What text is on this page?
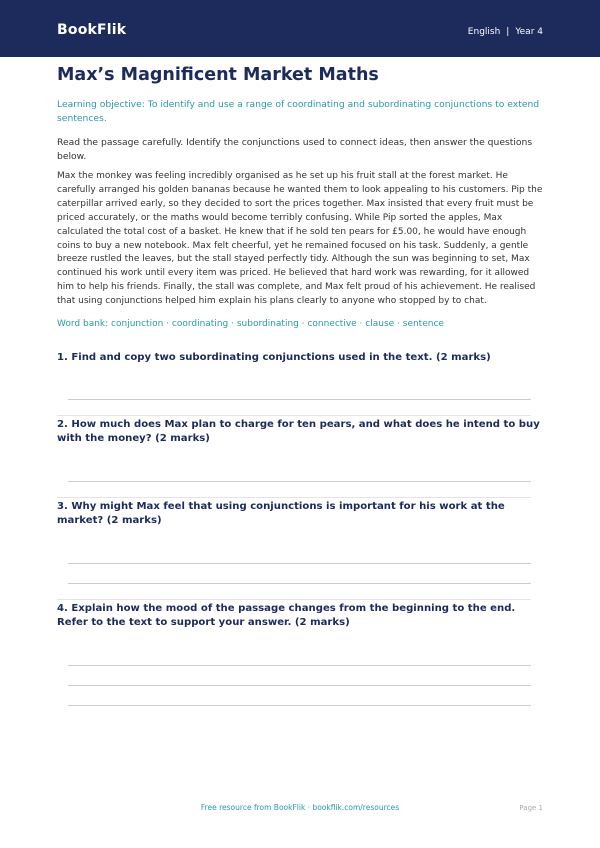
BookFlik	English | Year 4
Max’s Magnificent Market Maths
Learning objective: To identify and use a range of coordinating and subordinating conjunctions to extend sentences.
Read the passage carefully. Identify the conjunctions used to connect ideas, then answer the questions below.
Max the monkey was feeling incredibly organised as he set up his fruit stall at the forest market. He carefully arranged his golden bananas because he wanted them to look appealing to his customers. Pip the caterpillar arrived early, so they decided to sort the prices together. Max insisted that every fruit must be priced accurately, or the maths would become terribly confusing. While Pip sorted the apples, Max calculated the total cost of a basket. He knew that if he sold ten pears for £5.00, he would have enough coins to buy a new notebook. Max felt cheerful, yet he remained focused on his task. Suddenly, a gentle breeze rustled the leaves, but the stall stayed perfectly tidy. Although the sun was beginning to set, Max continued his work until every item was priced. He believed that hard work was rewarding, for it allowed him to help his friends. Finally, the stall was complete, and Max felt proud of his achievement. He realised that using conjunctions helped him explain his plans clearly to anyone who stopped by to chat.
Word bank: conjunction · coordinating · subordinating · connective · clause · sentence
1. Find and copy two subordinating conjunctions used in the text. (2 marks)
2. How much does Max plan to charge for ten pears, and what does he intend to buy with the money? (2 marks)
3. Why might Max feel that using conjunctions is important for his work at the market? (2 marks)
4. Explain how the mood of the passage changes from the beginning to the end. Refer to the text to support your answer. (2 marks)
Free resource from BookFlik · bookflik.com/resources	Page 1
